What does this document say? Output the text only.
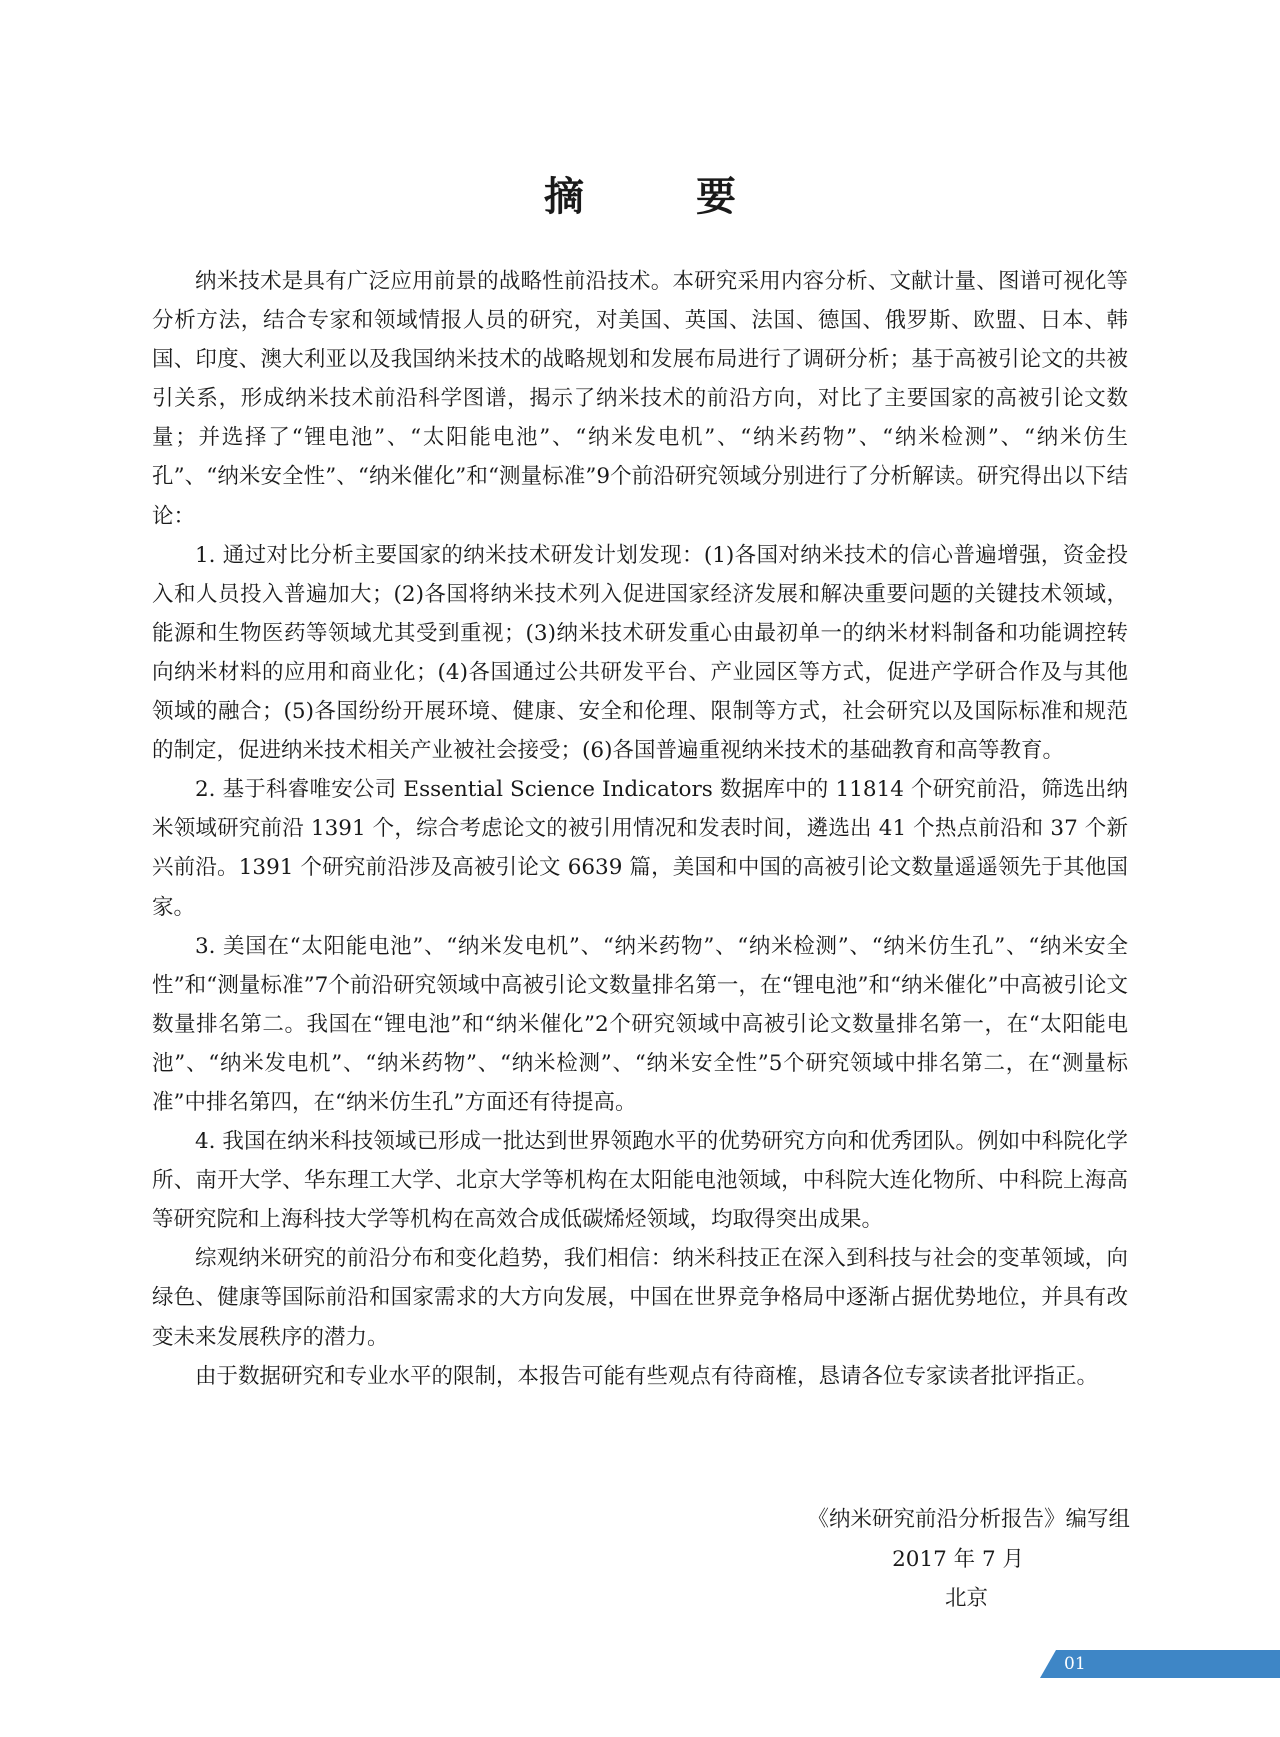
摘　要

纳米技术是具有广泛应用前景的战略性前沿技术。本研究采用内容分析、文献计量、图谱可视化等分析方法，结合专家和领域情报人员的研究，对美国、英国、法国、德国、俄罗斯、欧盟、日本、韩国、印度、澳大利亚以及我国纳米技术的战略规划和发展布局进行了调研分析；基于高被引论文的共被引关系，形成纳米技术前沿科学图谱，揭示了纳米技术的前沿方向，对比了主要国家的高被引论文数量；并选择了“锂电池”、“太阳能电池”、“纳米发电机”、“纳米药物”、“纳米检测”、“纳米仿生孔”、“纳米安全性”、“纳米催化”和“测量标准”9个前沿研究领域分别进行了分析解读。研究得出以下结论：

1. 通过对比分析主要国家的纳米技术研发计划发现：(1)各国对纳米技术的信心普遍增强，资金投入和人员投入普遍加大；(2)各国将纳米技术列入促进国家经济发展和解决重要问题的关键技术领域，能源和生物医药等领域尤其受到重视；(3)纳米技术研发重心由最初单一的纳米材料制备和功能调控转向纳米材料的应用和商业化；(4)各国通过公共研发平台、产业园区等方式，促进产学研合作及与其他领域的融合；(5)各国纷纷开展环境、健康、安全和伦理、限制等方式，社会研究以及国际标准和规范的制定，促进纳米技术相关产业被社会接受；(6)各国普遍重视纳米技术的基础教育和高等教育。

2. 基于科睿唯安公司 Essential Science Indicators 数据库中的 11814 个研究前沿，筛选出纳米领域研究前沿 1391 个，综合考虑论文的被引用情况和发表时间，遴选出 41 个热点前沿和 37 个新兴前沿。1391 个研究前沿涉及高被引论文 6639 篇，美国和中国的高被引论文数量遥遥领先于其他国家。

3. 美国在“太阳能电池”、“纳米发电机”、“纳米药物”、“纳米检测”、“纳米仿生孔”、“纳米安全性”和“测量标准”7个前沿研究领域中高被引论文数量排名第一，在“锂电池”和“纳米催化”中高被引论文数量排名第二。我国在“锂电池”和“纳米催化”2个研究领域中高被引论文数量排名第一，在“太阳能电池”、“纳米发电机”、“纳米药物”、“纳米检测”、“纳米安全性”5个研究领域中排名第二，在“测量标准”中排名第四，在“纳米仿生孔”方面还有待提高。

4. 我国在纳米科技领域已形成一批达到世界领跑水平的优势研究方向和优秀团队。例如中科院化学所、南开大学、华东理工大学、北京大学等机构在太阳能电池领域，中科院大连化物所、中科院上海高等研究院和上海科技大学等机构在高效合成低碳烯烃领域，均取得突出成果。

综观纳米研究的前沿分布和变化趋势，我们相信：纳米科技正在深入到科技与社会的变革领域，向绿色、健康等国际前沿和国家需求的大方向发展，中国在世界竞争格局中逐渐占据优势地位，并具有改变未来发展秩序的潜力。

由于数据研究和专业水平的限制，本报告可能有些观点有待商榷，恳请各位专家读者批评指正。

《纳米研究前沿分析报告》编写组
2017 年 7 月
北京
01
